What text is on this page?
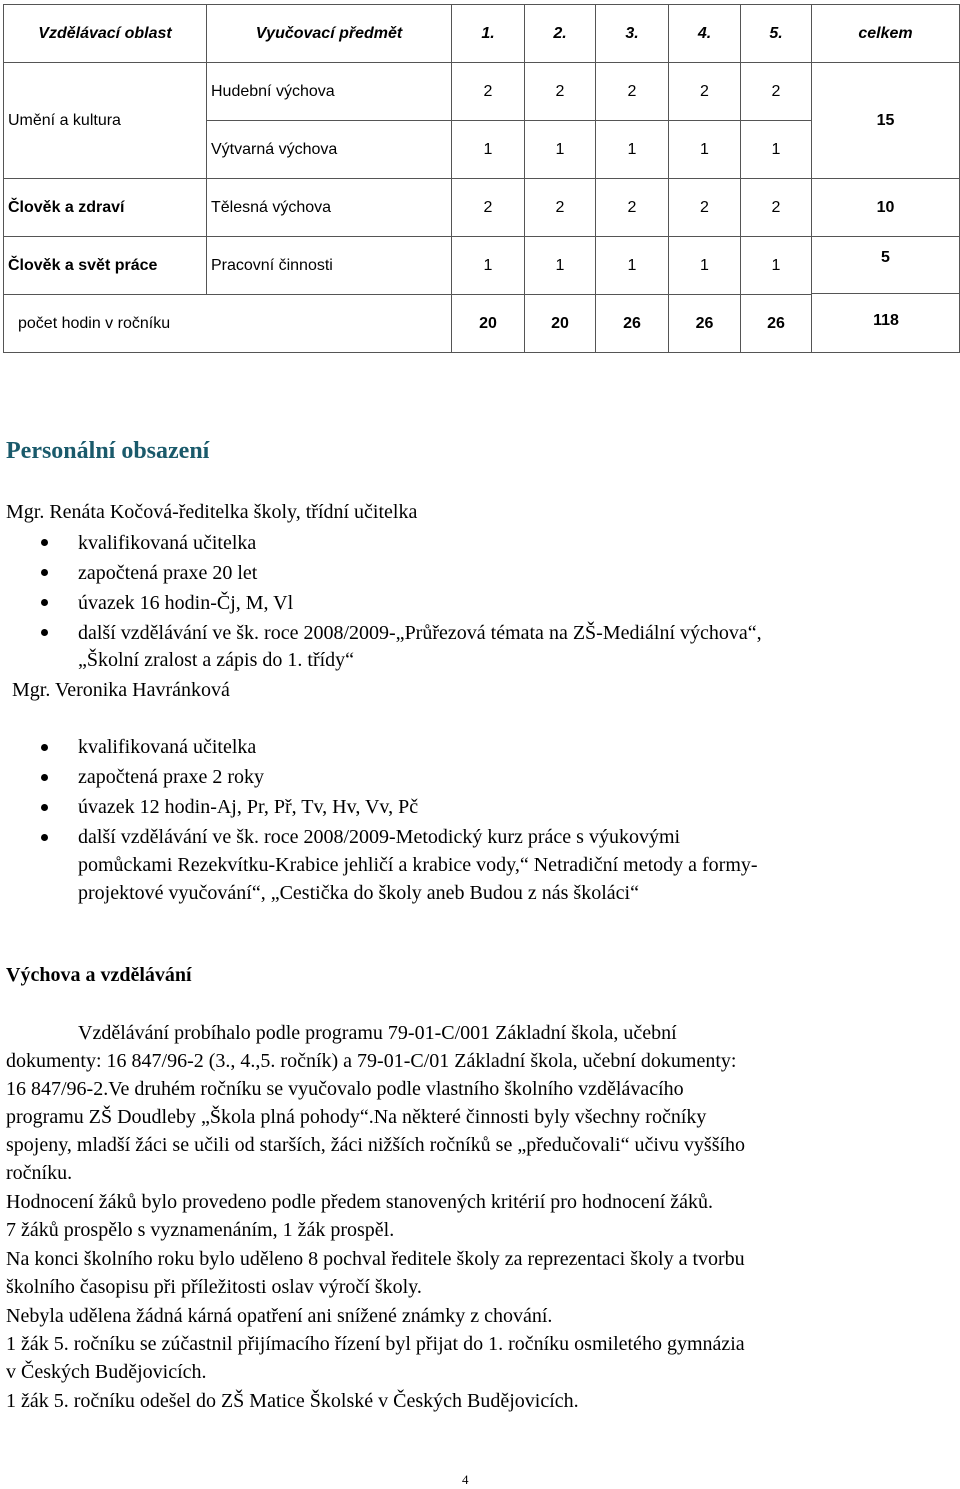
Vzdělávací oblast	Vyučovací předmět	1.	2.	3.	4.	5.	celkem
Umění a kultura	Hudební výchova	2	2	2	2	2	15
	Výtvarná výchova	1	1	1	1	1	
Člověk a zdraví	Tělesná výchova	2	2	2	2	2	10
Člověk a svět práce	Pracovní činnosti	1	1	1	1	1	5
počet hodin v ročníku		20	20	26	26	26		118
Personální obsazení
Mgr. Renáta Kočová-ředitelka školy, třídní učitelka
kvalifikovaná učitelka
započtená praxe 20 let
úvazek 16 hodin-Čj, M, Vl
další vzdělávání ve šk. roce 2008/2009-„Průřezová témata na ZŠ-Mediální výchova“,
„Školní zralost a zápis do 1. třídy“
Mgr. Veronika Havránková
kvalifikovaná učitelka
započtená praxe 2 roky
úvazek 12 hodin-Aj, Pr, Př, Tv, Hv, Vv, Pč
další vzdělávání ve šk. roce 2008/2009-Metodický kurz práce s výukovými
pomůckami Rezekvítku-Krabice jehličí a krabice vody,“ Netradiční metody a formy-
projektové vyučování“, „Cestička do školy aneb Budou z nás školáci“
Výchova a vzdělávání
Vzdělávání probíhalo podle programu 79-01-C/001 Základní škola, učební
dokumenty: 16 847/96-2 (3., 4.,5. ročník) a 79-01-C/01 Základní škola, učební dokumenty:
16 847/96-2.Ve druhém ročníku se vyučovalo podle vlastního školního vzdělávacího
programu ZŠ Doudleby „Škola plná pohody“.Na některé činnosti byly všechny ročníky
spojeny, mladší žáci se učili od starších, žáci nižších ročníků se „předučovali“ učivu vyššího
ročníku.
Hodnocení žáků bylo provedeno podle předem stanovených kritérií pro hodnocení žáků.
7 žáků prospělo s vyznamenáním, 1 žák prospěl.
Na konci školního roku bylo uděleno 8 pochval ředitele školy za reprezentaci školy a tvorbu
školního časopisu při příležitosti oslav výročí školy.
Nebyla udělena žádná kárná opatření ani snížené známky z chování.
1 žák 5. ročníku se zúčastnil přijímacího řízení byl přijat do 1. ročníku osmiletého gymnázia
v Českých Budějovicích.
1 žák 5. ročníku odešel do ZŠ Matice Školské v Českých Budějovicích.
4
